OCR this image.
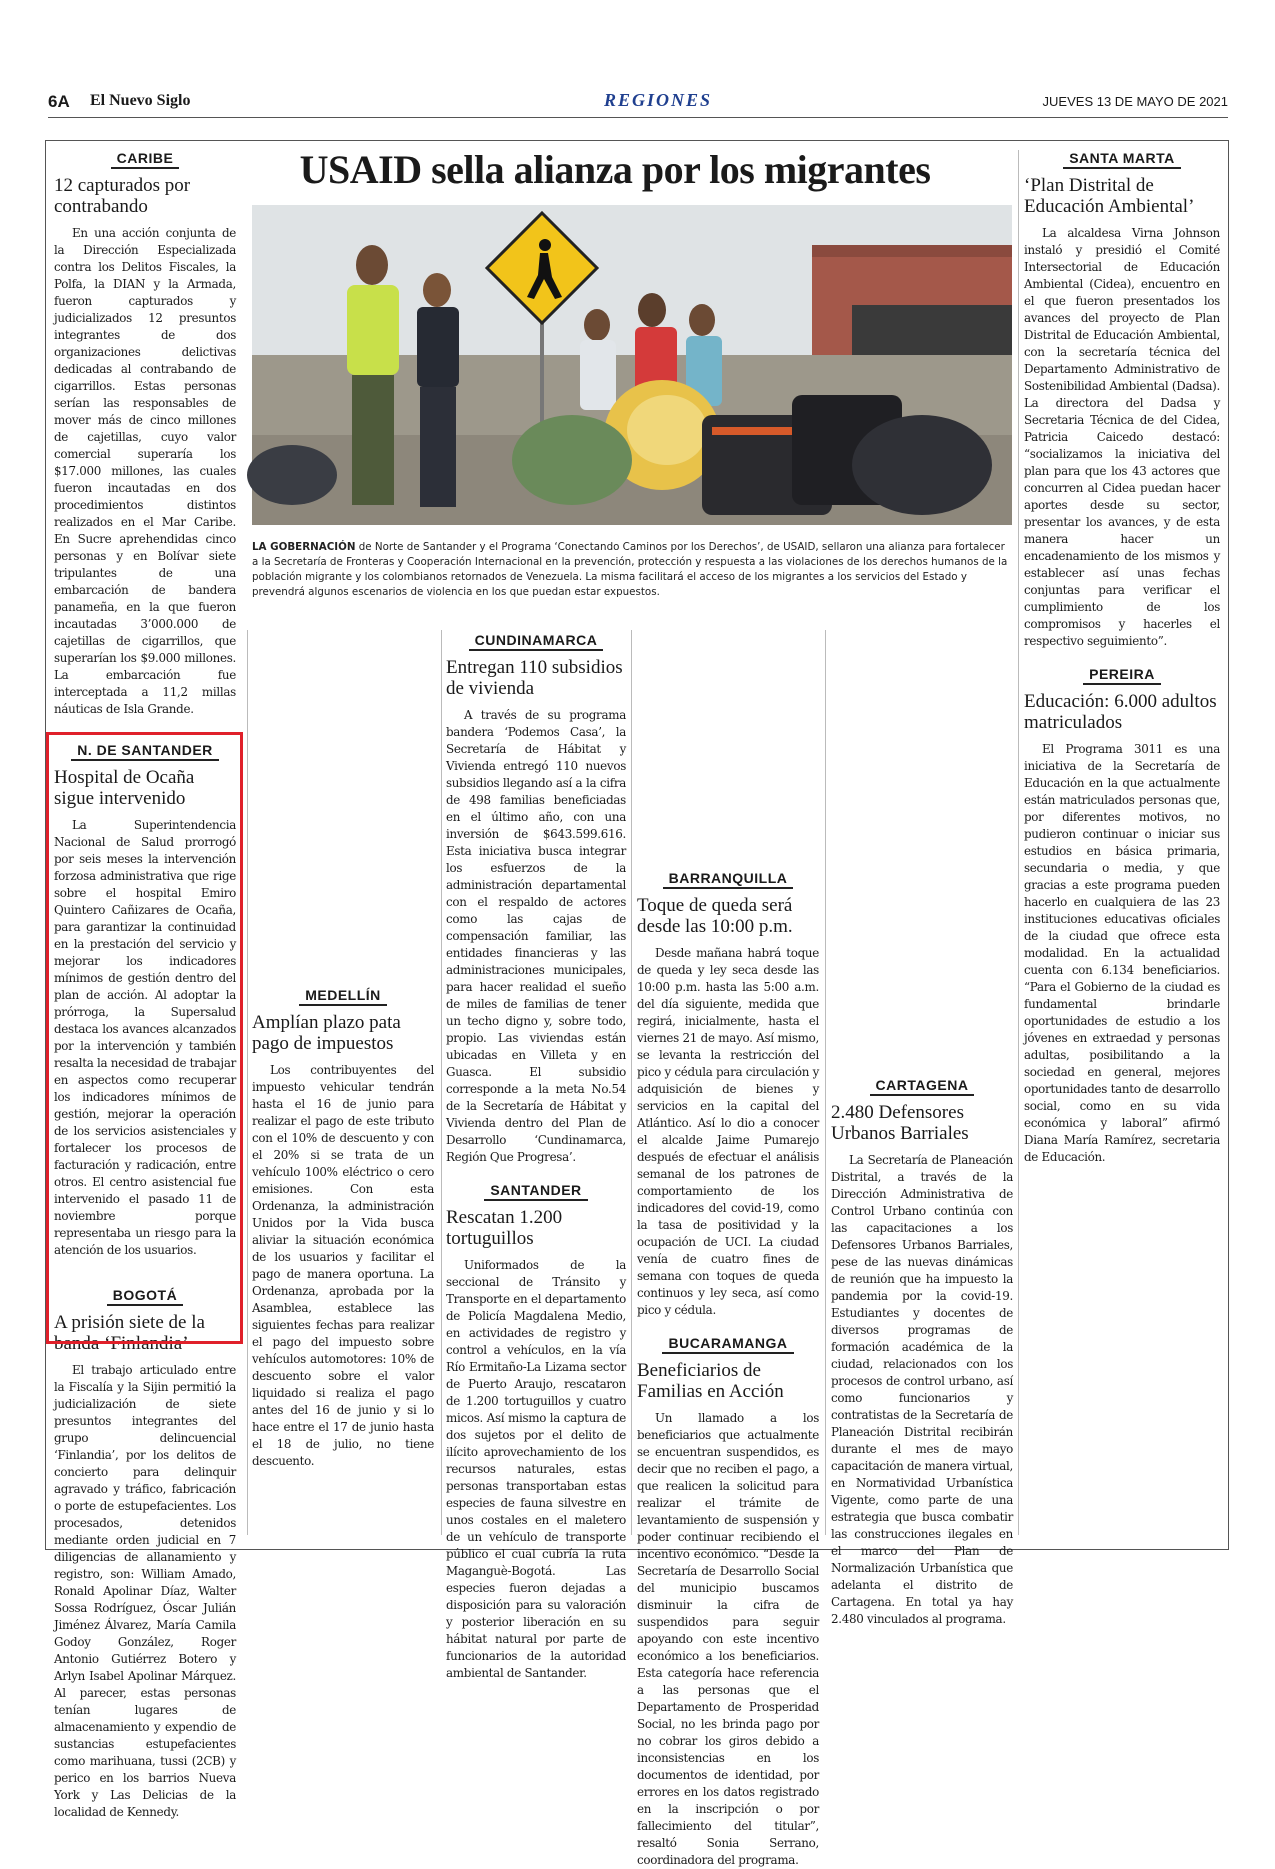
6A El Nuevo Siglo	REGIONES	JUEVES 13 DE MAYO DE 2021
USAID sella alianza por los migrantes

LA GOBERNACIÓN de Norte de Santander y el Programa ‘Conectando Caminos por los Derechos’, de USAID, sellaron una alianza para fortalecer a la Secretaría de Fronteras y Cooperación Internacional en la prevención, protección y respuesta a las violaciones de los derechos humanos de la población migrante y los colombianos retornados de Venezuela. La misma facilitará el acceso de los migrantes a los servicios del Estado y prevendrá algunos escenarios de violencia en los que puedan estar expuestos.

CARIBE
12 capturados por contrabando

En una acción conjunta de la Dirección Especializada contra los Delitos Fiscales, la Polfa, la DIAN y la Armada, fueron capturados y judicializados 12 presuntos integrantes de dos organizaciones delictivas dedicadas al contrabando de cigarrillos. Estas personas serían las responsables de mover más de cinco millones de cajetillas, cuyo valor comercial superaría los $17.000 millones, las cuales fueron incautadas en dos procedimientos distintos realizados en el Mar Caribe. En Sucre aprehendidas cinco personas y en Bolívar siete tripulantes de una embarcación de bandera panameña, en la que fueron incautadas 3’000.000 de cajetillas de cigarrillos, que superarían los $9.000 millones. La embarcación fue interceptada a 11,2 millas náuticas de Isla Grande.

N. DE SANTANDER
Hospital de Ocaña sigue intervenido

La Superintendencia Nacional de Salud prorrogó por seis meses la intervención forzosa administrativa que rige sobre el hospital Emiro Quintero Cañizares de Ocaña, para garantizar la continuidad en la prestación del servicio y mejorar los indicadores mínimos de gestión dentro del plan de acción. Al adoptar la prórroga, la Supersalud destaca los avances alcanzados por la intervención y también resalta la necesidad de trabajar en aspectos como recuperar los indicadores mínimos de gestión, mejorar la operación de los servicios asistenciales y fortalecer los procesos de facturación y radicación, entre otros. El centro asistencial fue intervenido el pasado 11 de noviembre porque representaba un riesgo para la atención de los usuarios.

BOGOTÁ
A prisión siete de la banda ‘Finlandia’

El trabajo articulado entre la Fiscalía y la Sijin permitió la judicialización de siete presuntos integrantes del grupo delincuencial ‘Finlandia’, por los delitos de concierto para delinquir agravado y tráfico, fabricación o porte de estupefacientes. Los procesados, detenidos mediante orden judicial en 7 diligencias de allanamiento y registro, son: William Amado, Ronald Apolinar Díaz, Walter Sossa Rodríguez, Óscar Julián Jiménez Álvarez, María Camila Godoy González, Roger Antonio Gutiérrez Botero y Arlyn Isabel Apolinar Márquez. Al parecer, estas personas tenían lugares de almacenamiento y expendio de sustancias estupefacientes como marihuana, tussi (2CB) y perico en los barrios Nueva York y Las Delicias de la localidad de Kennedy.

MEDELLÍN
Amplían plazo pata pago de impuestos

Los contribuyentes del impuesto vehicular tendrán hasta el 16 de junio para realizar el pago de este tributo con el 10% de descuento y con el 20% si se trata de un vehículo 100% eléctrico o cero emisiones. Con esta Ordenanza, la administración Unidos por la Vida busca aliviar la situación económica de los usuarios y facilitar el pago de manera oportuna. La Ordenanza, aprobada por la Asamblea, establece las siguientes fechas para realizar el pago del impuesto sobre vehículos automotores: 10% de descuento sobre el valor liquidado si realiza el pago antes del 16 de junio y si lo hace entre el 17 de junio hasta el 18 de julio, no tiene descuento.

CUNDINAMARCA
Entregan 110 subsidios de vivienda

A través de su programa bandera ‘Podemos Casa’, la Secretaría de Hábitat y Vivienda entregó 110 nuevos subsidios llegando así a la cifra de 498 familias beneficiadas en el último año, con una inversión de $643.599.616. Esta iniciativa busca integrar los esfuerzos de la administración departamental con el respaldo de actores como las cajas de compensación familiar, las entidades financieras y las administraciones municipales, para hacer realidad el sueño de miles de familias de tener un techo digno y, sobre todo, propio. Las viviendas están ubicadas en Villeta y en Guasca. El subsidio corresponde a la meta No.54 de la Secretaría de Hábitat y Vivienda dentro del Plan de Desarrollo ‘Cundinamarca, Región Que Progresa’.

SANTANDER
Rescatan 1.200 tortuguillos

Uniformados de la seccional de Tránsito y Transporte en el departamento de Policía Magdalena Medio, en actividades de registro y control a vehículos, en la vía Río Ermitaño-La Lizama sector de Puerto Araujo, rescataron de 1.200 tortuguillos y cuatro micos. Así mismo la captura de dos sujetos por el delito de ilícito aprovechamiento de los recursos naturales, estas personas transportaban estas especies de fauna silvestre en unos costales en el maletero de un vehículo de transporte público el cual cubría la ruta Maganguè-Bogotá. Las especies fueron dejadas a disposición para su valoración y posterior liberación en su hábitat natural por parte de funcionarios de la autoridad ambiental de Santander.

BARRANQUILLA
Toque de queda será desde las 10:00 p.m.

Desde mañana habrá toque de queda y ley seca desde las 10:00 p.m. hasta las 5:00 a.m. del día siguiente, medida que regirá, inicialmente, hasta el viernes 21 de mayo. Así mismo, se levanta la restricción del pico y cédula para circulación y adquisición de bienes y servicios en la capital del Atlántico. Así lo dio a conocer el alcalde Jaime Pumarejo después de efectuar el análisis semanal de los patrones de comportamiento de los indicadores del covid-19, como la tasa de positividad y la ocupación de UCI. La ciudad venía de cuatro fines de semana con toques de queda continuos y ley seca, así como pico y cédula.

BUCARAMANGA
Beneficiarios de Familias en Acción

Un llamado a los beneficiarios que actualmente se encuentran suspendidos, es decir que no reciben el pago, a que realicen la solicitud para realizar el trámite de levantamiento de suspensión y poder continuar recibiendo el incentivo económico. “Desde la Secretaría de Desarrollo Social del municipio buscamos disminuir la cifra de suspendidos para seguir apoyando con este incentivo económico a los beneficiarios. Esta categoría hace referencia a las personas que el Departamento de Prosperidad Social, no les brinda pago por no cobrar los giros debido a inconsistencias en los documentos de identidad, por errores en los datos registrado en la inscripción o por fallecimiento del titular”, resaltó Sonia Serrano, coordinadora del programa.

CARTAGENA
2.480 Defensores Urbanos Barriales

La Secretaría de Planeación Distrital, a través de la Dirección Administrativa de Control Urbano continúa con las capacitaciones a los Defensores Urbanos Barriales, pese de las nuevas dinámicas de reunión que ha impuesto la pandemia por la covid-19. Estudiantes y docentes de diversos programas de formación académica de la ciudad, relacionados con los procesos de control urbano, así como funcionarios y contratistas de la Secretaría de Planeación Distrital recibirán durante el mes de mayo capacitación de manera virtual, en Normatividad Urbanística Vigente, como parte de una estrategia que busca combatir las construcciones ilegales en el marco del Plan de Normalización Urbanística que adelanta el distrito de Cartagena. En total ya hay 2.480 vinculados al programa.

SANTA MARTA
‘Plan Distrital de Educación Ambiental’

La alcaldesa Virna Johnson instaló y presidió el Comité Intersectorial de Educación Ambiental (Cidea), encuentro en el que fueron presentados los avances del proyecto de Plan Distrital de Educación Ambiental, con la secretaría técnica del Departamento Administrativo de Sostenibilidad Ambiental (Dadsa). La directora del Dadsa y Secretaria Técnica de del Cidea, Patricia Caicedo destacó: “socializamos la iniciativa del plan para que los 43 actores que concurren al Cidea puedan hacer aportes desde su sector, presentar los avances, y de esta manera hacer un encadenamiento de los mismos y establecer así unas fechas conjuntas para verificar el cumplimiento de los compromisos y hacerles el respectivo seguimiento”.

PEREIRA
Educación: 6.000 adultos matriculados

El Programa 3011 es una iniciativa de la Secretaría de Educación en la que actualmente están matriculados personas que, por diferentes motivos, no pudieron continuar o iniciar sus estudios en básica primaria, secundaria o media, y que gracias a este programa pueden hacerlo en cualquiera de las 23 instituciones educativas oficiales de la ciudad que ofrece esta modalidad. En la actualidad cuenta con 6.134 beneficiarios. “Para el Gobierno de la ciudad es fundamental brindarle oportunidades de estudio a los jóvenes en extraedad y personas adultas, posibilitando a la sociedad en general, mejores oportunidades tanto de desarrollo social, como en su vida económica y laboral” afirmó Diana María Ramírez, secretaria de Educación.
